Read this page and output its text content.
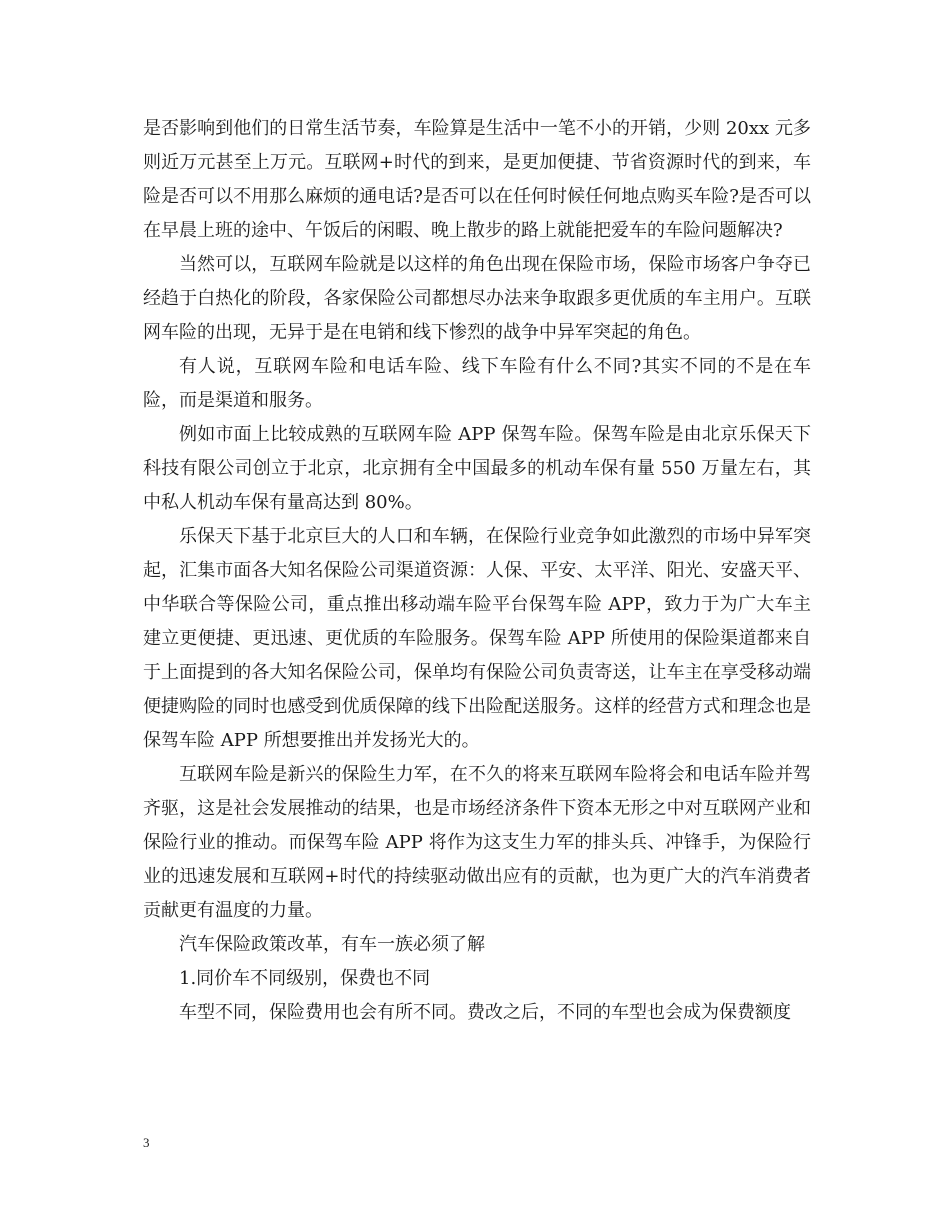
是否影响到他们的日常生活节奏，车险算是生活中一笔不小的开销，少则 20xx 元多则近万元甚至上万元。互联网+时代的到来，是更加便捷、节省资源时代的到来，车险是否可以不用那么麻烦的通电话?是否可以在任何时候任何地点购买车险?是否可以在早晨上班的途中、午饭后的闲暇、晚上散步的路上就能把爱车的车险问题解决?

当然可以，互联网车险就是以这样的角色出现在保险市场，保险市场客户争夺已经趋于白热化的阶段，各家保险公司都想尽办法来争取跟多更优质的车主用户。互联网车险的出现，无异于是在电销和线下惨烈的战争中异军突起的角色。

有人说，互联网车险和电话车险、线下车险有什么不同?其实不同的不是在车险，而是渠道和服务。

例如市面上比较成熟的互联网车险 APP 保驾车险。保驾车险是由北京乐保天下科技有限公司创立于北京，北京拥有全中国最多的机动车保有量 550 万量左右，其中私人机动车保有量高达到 80%。

乐保天下基于北京巨大的人口和车辆，在保险行业竞争如此激烈的市场中异军突起，汇集市面各大知名保险公司渠道资源：人保、平安、太平洋、阳光、安盛天平、中华联合等保险公司，重点推出移动端车险平台保驾车险 APP，致力于为广大车主建立更便捷、更迅速、更优质的车险服务。保驾车险 APP 所使用的保险渠道都来自于上面提到的各大知名保险公司，保单均有保险公司负责寄送，让车主在享受移动端便捷购险的同时也感受到优质保障的线下出险配送服务。这样的经营方式和理念也是保驾车险 APP 所想要推出并发扬光大的。

互联网车险是新兴的保险生力军，在不久的将来互联网车险将会和电话车险并驾齐驱，这是社会发展推动的结果，也是市场经济条件下资本无形之中对互联网产业和保险行业的推动。而保驾车险 APP 将作为这支生力军的排头兵、冲锋手，为保险行业的迅速发展和互联网+时代的持续驱动做出应有的贡献，也为更广大的汽车消费者贡献更有温度的力量。

汽车保险政策改革，有车一族必须了解

1.同价车不同级别，保费也不同

车型不同，保险费用也会有所不同。费改之后，不同的车型也会成为保费额度

3
